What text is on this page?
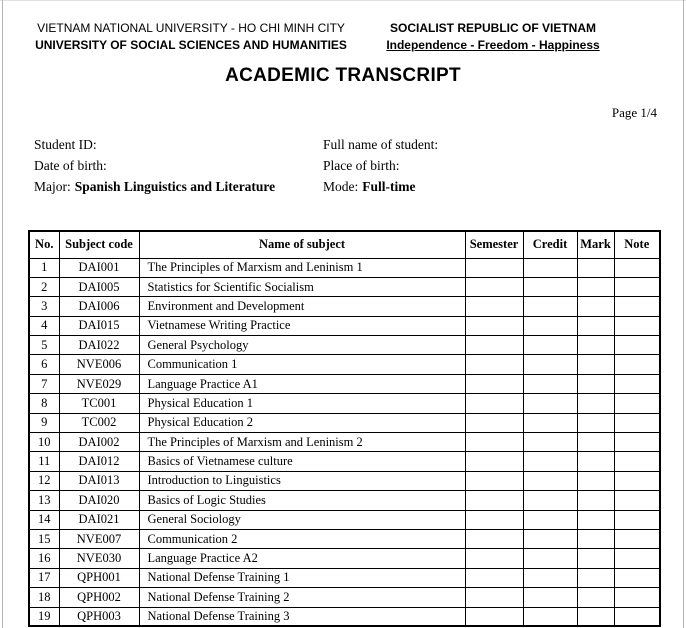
VIETNAM NATIONAL UNIVERSITY - HO CHI MINH CITY
UNIVERSITY OF SOCIAL SCIENCES AND HUMANITIES
SOCIALIST REPUBLIC OF VIETNAM
Independence - Freedom - Happiness
ACADEMIC TRANSCRIPT
Page 1/4
Student ID:
Date of birth:
Major: Spanish Linguistics and Literature
Full name of student:
Place of birth:
Mode: Full-time
No.	Subject code	Name of subject	Semester	Credit	Mark	Note
1	DAI001	The Principles of Marxism and Leninism 1				
2	DAI005	Statistics for Scientific Socialism				
3	DAI006	Environment and Development				
4	DAI015	Vietnamese Writing Practice				
5	DAI022	General Psychology				
6	NVE006	Communication 1				
7	NVE029	Language Practice A1				
8	TC001	Physical Education 1				
9	TC002	Physical Education 2				
10	DAI002	The Principles of Marxism and Leninism 2				
11	DAI012	Basics of Vietnamese culture				
12	DAI013	Introduction to Linguistics				
13	DAI020	Basics of Logic Studies				
14	DAI021	General Sociology				
15	NVE007	Communication 2				
16	NVE030	Language Practice A2				
17	QPH001	National Defense Training 1				
18	QPH002	National Defense Training 2				
19	QPH003	National Defense Training 3				
